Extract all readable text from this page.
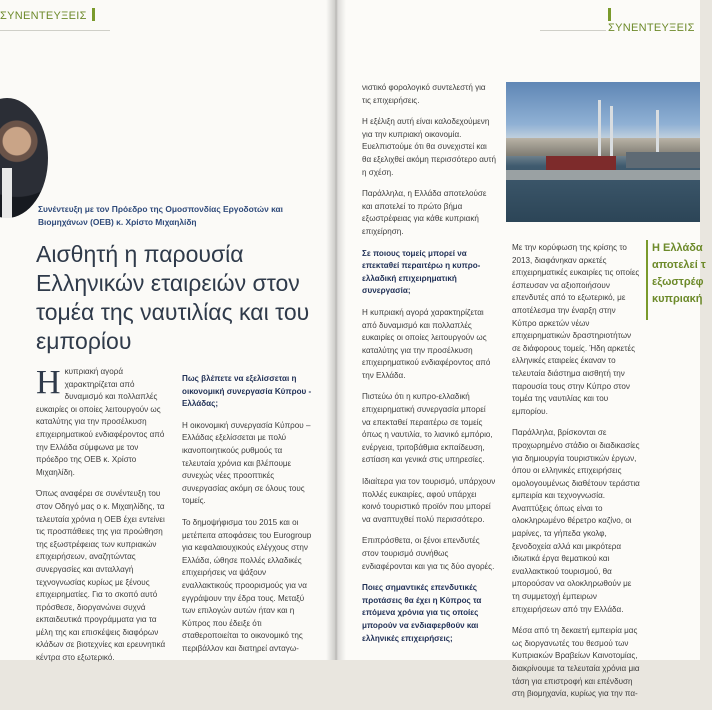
ΣΥΝΕΝΤΕΥΞΕΙΣ
Συνέντευξη με τον Πρόεδρο της Ομοσπονδίας Εργοδοτών και Βιομηχάνων (ΟΕΒ) κ. Χρίστο Μιχαηλίδη
Αισθητή η παρουσία Ελληνικών εταιρειών στον τομέα της ναυτιλίας και του εμπορίου

Ηκυπριακή αγορά χαρακτηρίζεται από δυναμισμό και πολλαπλές ευκαιρίες οι οποίες λειτουργούν ως καταλύτης για την προσέλκυση επιχειρηματικού ενδιαφέροντος από την Ελλάδα σύμφωνα με τον πρόεδρο της ΟΕΒ κ. Χρίστο Μιχαηλίδη.

Όπως αναφέρει σε συνέντευξη του στον Οδηγό μας ο κ. Μιχαηλίδης, τα τελευταία χρόνια η ΟΕΒ έχει εντείνει τις προσπάθειες της για προώθηση της εξωστρέφειας των κυπριακών επιχειρήσεων, αναζητώντας συνεργασίες και ανταλλαγή τεχνογνωσίας κυρίως με ξένους επιχειρηματίες. Για το σκοπό αυτό πρόσθεσε, διοργανώνει συχνά εκπαιδευτικά προγράμματα για τα μέλη της και επισκέψεις διαφόρων κλάδων σε βιοτεχνίες και ερευνητικά κέντρα στο εξωτερικό.

Πως βλέπετε να εξελίσσεται η οικονομική συνεργασία Κύπρου - Ελλάδας;

Η οικονομική συνεργασία Κύπρου – Ελλάδας εξελίσσεται με πολύ ικανοποιητικούς ρυθμούς τα τελευταία χρόνια και βλέπουμε συνεχώς νέες προοπτικές συνεργασίας ακόμη σε όλους τους τομείς.

Το δημοψήφισμα του 2015 και οι μετέπειτα αποφάσεις του Eurogroup για κεφαλαιουχικούς ελέγχους στην Ελλάδα, ώθησε πολλές ελλαδικές επιχειρήσεις να ψάξουν εναλλακτικούς προορισμούς για να εγγράψουν την έδρα τους. Μεταξύ των επιλογών αυτών ήταν και η Κύπρος που έδειξε ότι σταθεροποιείται το οικονομικό της περιβάλλον και διατηρεί ανταγω-

ΣΥΝΕΝΤΕΥΞΕΙΣ

νιστικό φορολογικό συντελεστή για τις επιχειρήσεις.

Η εξέλιξη αυτή είναι καλοδεχούμενη για την κυπριακή οικονομία. Ευελπιστούμε ότι θα συνεχιστεί και θα εξελιχθεί ακόμη περισσότερο αυτή η σχέση.

Παράλληλα, η Ελλάδα αποτελούσε και αποτελεί το πρώτο βήμα εξωστρέφειας για κάθε κυπριακή επιχείρηση.

Σε ποιους τομείς μπορεί να επεκταθεί περαιτέρω η κυπρο-ελλαδική επιχειρηματική συνεργασία;

Η κυπριακή αγορά χαρακτηρίζεται από δυναμισμό και πολλαπλές ευκαιρίες οι οποίες λειτουργούν ως καταλύτης για την προσέλκυση επιχειρηματικού ενδιαφέροντος από την Ελλάδα.

Πιστεύω ότι η κυπρο-ελλαδική επιχειρηματική συνεργασία μπορεί να επεκταθεί περαιτέρω σε τομείς όπως η ναυτιλία, το λιανικό εμπόριο, ενέργεια, τριτοβάθμια εκπαίδευση, εστίαση και γενικά στις υπηρεσίες.

Ιδιαίτερα για τον τουρισμό, υπάρχουν πολλές ευκαιρίες, αφού υπάρχει κοινό τουριστικό προϊόν που μπορεί να αναπτυχθεί πολύ περισσότερο.

Επιπρόσθετα, οι ξένοι επενδυτές στον τουρισμό συνήθως ενδιαφέρονται και για τις δύο αγορές.

Ποιες σημαντικές επενδυτικές προτάσεις θα έχει η Κύπρος τα επόμενα χρόνια για τις οποίες μπορούν να ενδιαφερθούν και ελληνικές επιχειρήσεις;

Με την κορύφωση της κρίσης το 2013, διαφάνηκαν αρκετές επιχειρηματικές ευκαιρίες τις οποίες έσπευσαν να αξιοποιήσουν επενδυτές από το εξωτερικό, με αποτέλεσμα την έναρξη στην Κύπρο αρκετών νέων επιχειρηματικών δραστηριοτήτων σε διάφορους τομείς. Ήδη αρκετές ελληνικές εταιρείες έκαναν το τελευταία διάστημα αισθητή την παρουσία τους στην Κύπρο στον τομέα της ναυτιλίας και του εμπορίου.

Παράλληλα, βρίσκονται σε προχωρημένο στάδιο οι διαδικασίες για δημιουργία τουριστικών έργων, όπου οι ελληνικές επιχειρήσεις ομολογουμένως διαθέτουν τεράστια εμπειρία και τεχνογνωσία. Αναπτύξεις όπως είναι το ολοκληρωμένο θέρετρο καζίνο, οι μαρίνες, τα γήπεδα γκολφ, ξενοδοχεία αλλά και μικρότερα ιδιωτικά έργα θεματικού και εναλλακτικού τουρισμού, θα μπορούσαν να ολοκληρωθούν με τη συμμετοχή έμπειρων επιχειρήσεων από την Ελλάδα.

Μέσα από τη δεκαετή εμπειρία μας ως διοργανωτές του θεσμού των Κυπριακών Βραβείων Καινοτομίας, διακρίνουμε τα τελευταία χρόνια μια τάση για επιστροφή και επένδυση στη βιομηχανία, κυρίως για την πα-

Η Ελλάδα αποτελεί τ εξωστρέφ κυπριακή
